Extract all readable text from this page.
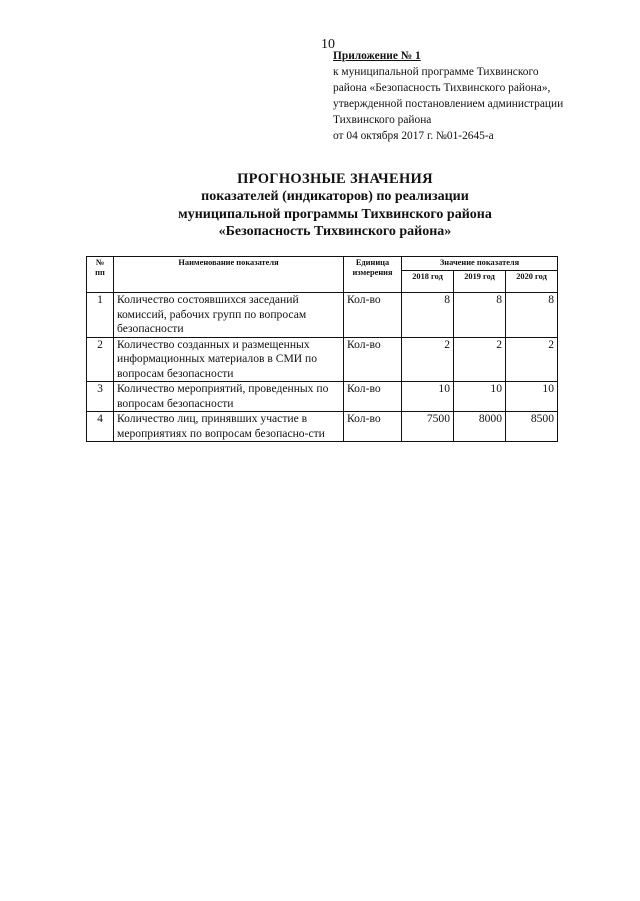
10
Приложение № 1
к муниципальной программе Тихвинского
района «Безопасность Тихвинского района»,
утвержденной постановлением администрации
Тихвинского района
от 04 октября 2017 г. №01-2645-а
ПРОГНОЗНЫЕ ЗНАЧЕНИЯ
показателей (индикаторов) по реализации
муниципальной программы Тихвинского района
«Безопасность Тихвинского района»
№ пп	Наименование показателя	Единица измерения	Значение показателя		
			2018 год	2019 год	2020 год
1	Количество состоявшихся заседаний комиссий, рабочих групп по вопросам безопасности	Кол-во	8	8	8
2	Количество созданных и размещенных информационных материалов в СМИ по вопросам безопасности	Кол-во	2	2	2
3	Количество мероприятий, проведенных по вопросам безопасности	Кол-во	10	10	10
4	Количество лиц, принявших участие в мероприятиях по вопросам безопасно-сти	Кол-во	7500	8000	8500
